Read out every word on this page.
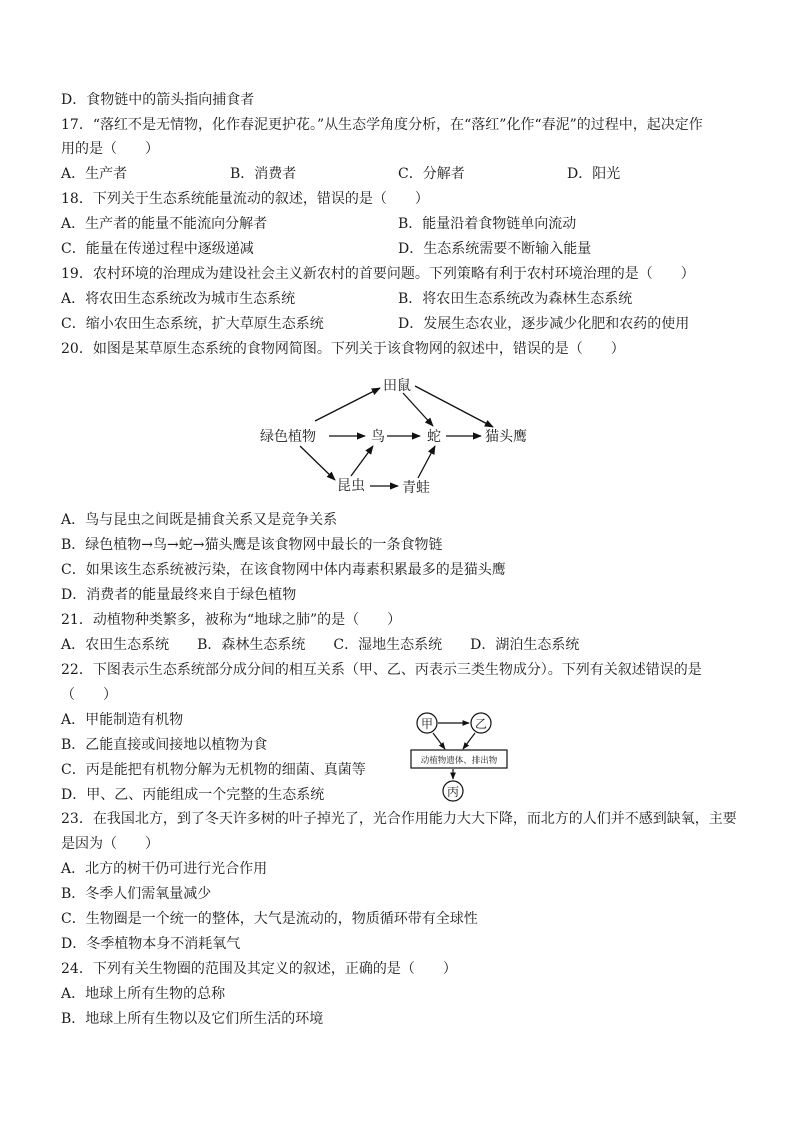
D．食物链中的箭头指向捕食者
17．“落红不是无情物，化作春泥更护花。”从生态学角度分析，在“落红”化作“春泥”的过程中，起决定作
用的是（　　）
A．生产者	B．消费者	C．分解者	D．阳光
18．下列关于生态系统能量流动的叙述，错误的是（　　）
A．生产者的能量不能流向分解者	B．能量沿着食物链单向流动
C．能量在传递过程中逐级递减	D．生态系统需要不断输入能量
19．农村环境的治理成为建设社会主义新农村的首要问题。下列策略有利于农村环境治理的是（　　）
A．将农田生态系统改为城市生态系统	B．将农田生态系统改为森林生态系统
C．缩小农田生态系统，扩大草原生态系统	D．发展生态农业，逐步减少化肥和农药的使用
20．如图是某草原生态系统的食物网简图。下列关于该食物网的叙述中，错误的是（　　）
绿色植物
田鼠
鸟	蛇	猫头鹰
昆虫	青蛙
A．鸟与昆虫之间既是捕食关系又是竞争关系
B．绿色植物→鸟→蛇→猫头鹰是该食物网中最长的一条食物链
C．如果该生态系统被污染，在该食物网中体内毒素积累最多的是猫头鹰
D．消费者的能量最终来自于绿色植物
21．动植物种类繁多，被称为“地球之肺”的是（　　）
A．农田生态系统　　B．森林生态系统　　C．湿地生态系统　　D．湖泊生态系统
22．下图表示生态系统部分成分间的相互关系（甲、乙、丙表示三类生物成分）。下列有关叙述错误的是
（　　）
A．甲能制造有机物
B．乙能直接或间接地以植物为食
C．丙是能把有机物分解为无机物的细菌、真菌等
D．甲、乙、丙能组成一个完整的生态系统
甲	乙
动植物遗体、排出物
丙
23．在我国北方，到了冬天许多树的叶子掉光了，光合作用能力大大下降，而北方的人们并不感到缺氧，主要
是因为（　　）
A．北方的树干仍可进行光合作用
B．冬季人们需氧量减少
C．生物圈是一个统一的整体，大气是流动的，物质循环带有全球性
D．冬季植物本身不消耗氧气
24．下列有关生物圈的范围及其定义的叙述，正确的是（　　）
A．地球上所有生物的总称
B．地球上所有生物以及它们所生活的环境
